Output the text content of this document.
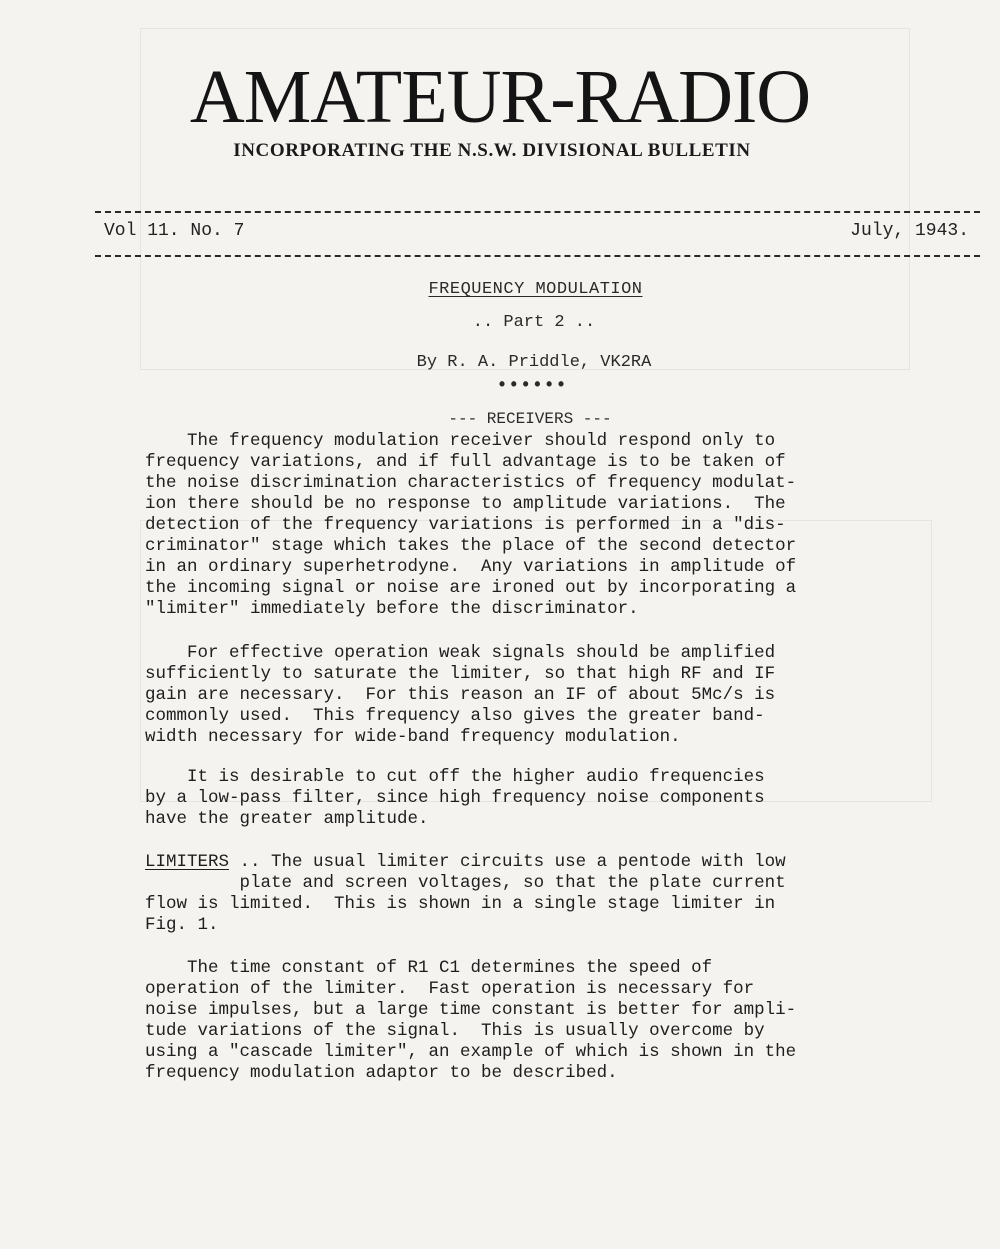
AMATEUR-RADIO
INCORPORATING THE N.S.W. DIVISIONAL BULLETIN
Vol 11. No. 7	July, 1943.
FREQUENCY MODULATION
.. Part 2 ..
By R. A. Priddle, VK2RA
••••••
--- RECEIVERS ---

The frequency modulation receiver should respond only to
frequency variations, and if full advantage is to be taken of
the noise discrimination characteristics of frequency modulat-
ion there should be no response to amplitude variations.  The
detection of the frequency variations is performed in a "dis-
criminator" stage which takes the place of the second detector
in an ordinary superhetrodyne.  Any variations in amplitude of
the incoming signal or noise are ironed out by incorporating a
"limiter" immediately before the discriminator.

For effective operation weak signals should be amplified
sufficiently to saturate the limiter, so that high RF and IF
gain are necessary.  For this reason an IF of about 5Mc/s is
commonly used.  This frequency also gives the greater band-
width necessary for wide-band frequency modulation.

It is desirable to cut off the higher audio frequencies
by a low-pass filter, since high frequency noise components
have the greater amplitude.

LIMITERS .. The usual limiter circuits use a pentode with low
plate and screen voltages, so that the plate current
flow is limited.  This is shown in a single stage limiter in
Fig. 1.

The time constant of R1 C1 determines the speed of
operation of the limiter.  Fast operation is necessary for
noise impulses, but a large time constant is better for ampli-
tude variations of the signal.  This is usually overcome by
using a "cascade limiter", an example of which is shown in the
frequency modulation adaptor to be described.
